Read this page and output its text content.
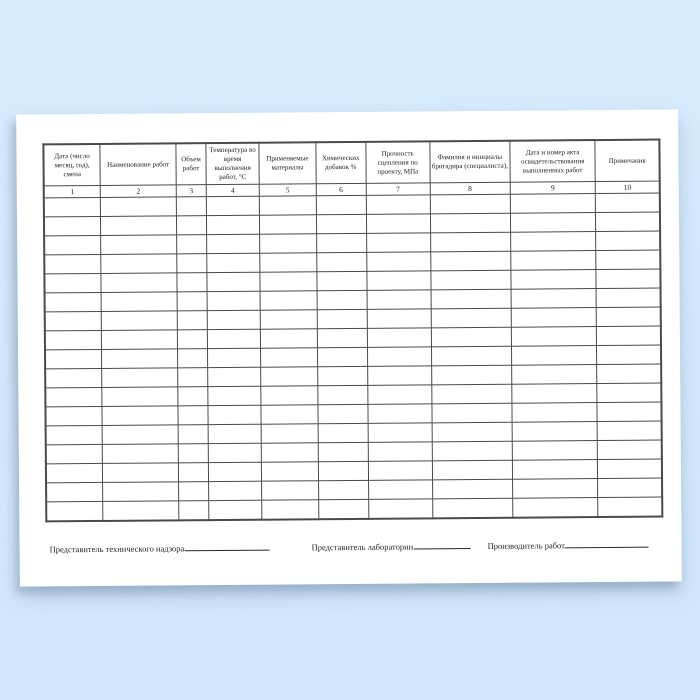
Дата (число месяц, год), смена	Наименование работ	Объем работ	Температура во время выполнения работ, °С	Применяемые материалы	Химических добавок %	Прочность сцепления по проекту, МПа	Фамилия и инициалы бригадира (специалиста),	Дата и номер акта освидетельствования выполненных работ	Примечания
1	2	3	4	5	6	7	8	9	10

Представитель технического надзора	Представитель лаборатории	Производитель работ
